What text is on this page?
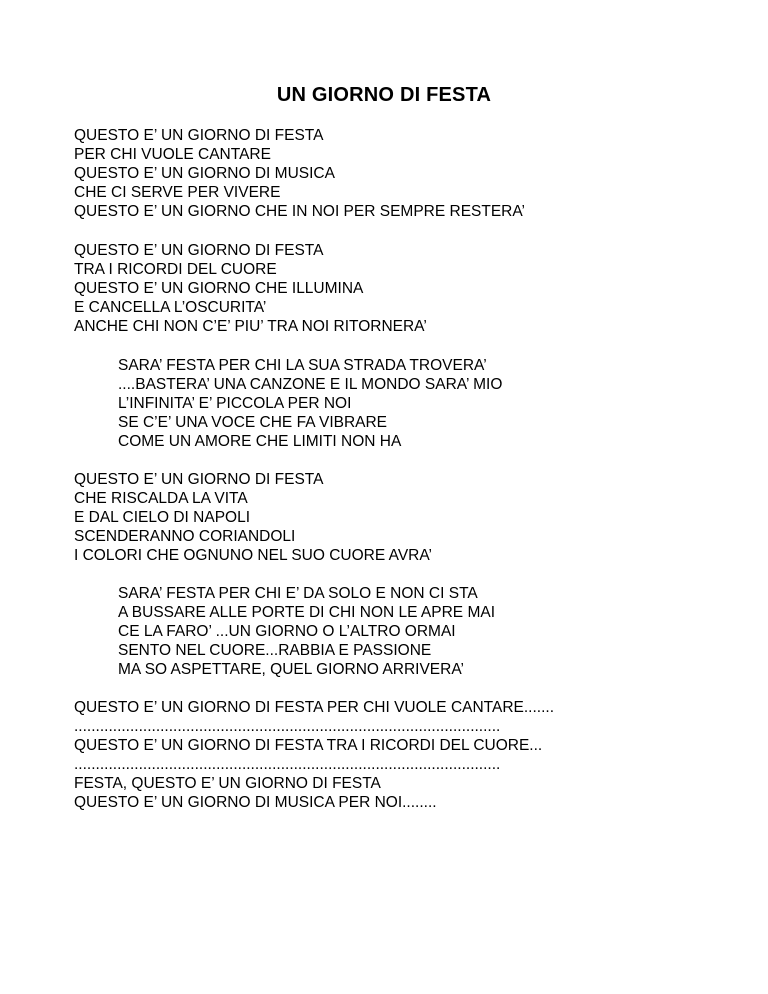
UN GIORNO DI FESTA
QUESTO E’ UN GIORNO DI FESTA
PER CHI VUOLE CANTARE
QUESTO E’ UN GIORNO DI MUSICA
CHE CI SERVE PER VIVERE
QUESTO E’ UN GIORNO CHE IN NOI PER SEMPRE RESTERA’
QUESTO E’ UN GIORNO DI FESTA
TRA I RICORDI DEL CUORE
QUESTO E’ UN GIORNO CHE ILLUMINA
E CANCELLA L’OSCURITA’
ANCHE CHI NON C’E’ PIU’ TRA NOI RITORNERA’
SARA’ FESTA PER CHI LA SUA STRADA TROVERA’
....BASTERA’ UNA CANZONE E IL MONDO SARA’ MIO
L’INFINITA’ E’ PICCOLA PER NOI
SE C’E’ UNA VOCE CHE FA VIBRARE
COME UN AMORE CHE LIMITI NON HA
QUESTO E’ UN GIORNO DI FESTA
CHE RISCALDA LA VITA
E DAL CIELO DI NAPOLI
SCENDERANNO CORIANDOLI
I COLORI CHE OGNUNO NEL SUO CUORE AVRA’
SARA’ FESTA PER CHI E’ DA SOLO E NON CI STA
A BUSSARE ALLE PORTE DI CHI NON LE APRE MAI
CE LA FARO’ ...UN GIORNO O L’ALTRO ORMAI
SENTO NEL CUORE...RABBIA E PASSIONE
MA SO ASPETTARE, QUEL GIORNO ARRIVERA’
QUESTO E’ UN GIORNO DI FESTA PER CHI VUOLE CANTARE.......
...................................................................................................
QUESTO E’ UN GIORNO DI FESTA TRA I RICORDI DEL CUORE...
...................................................................................................
FESTA, QUESTO E’ UN GIORNO DI FESTA
QUESTO E’ UN GIORNO DI MUSICA PER NOI........
